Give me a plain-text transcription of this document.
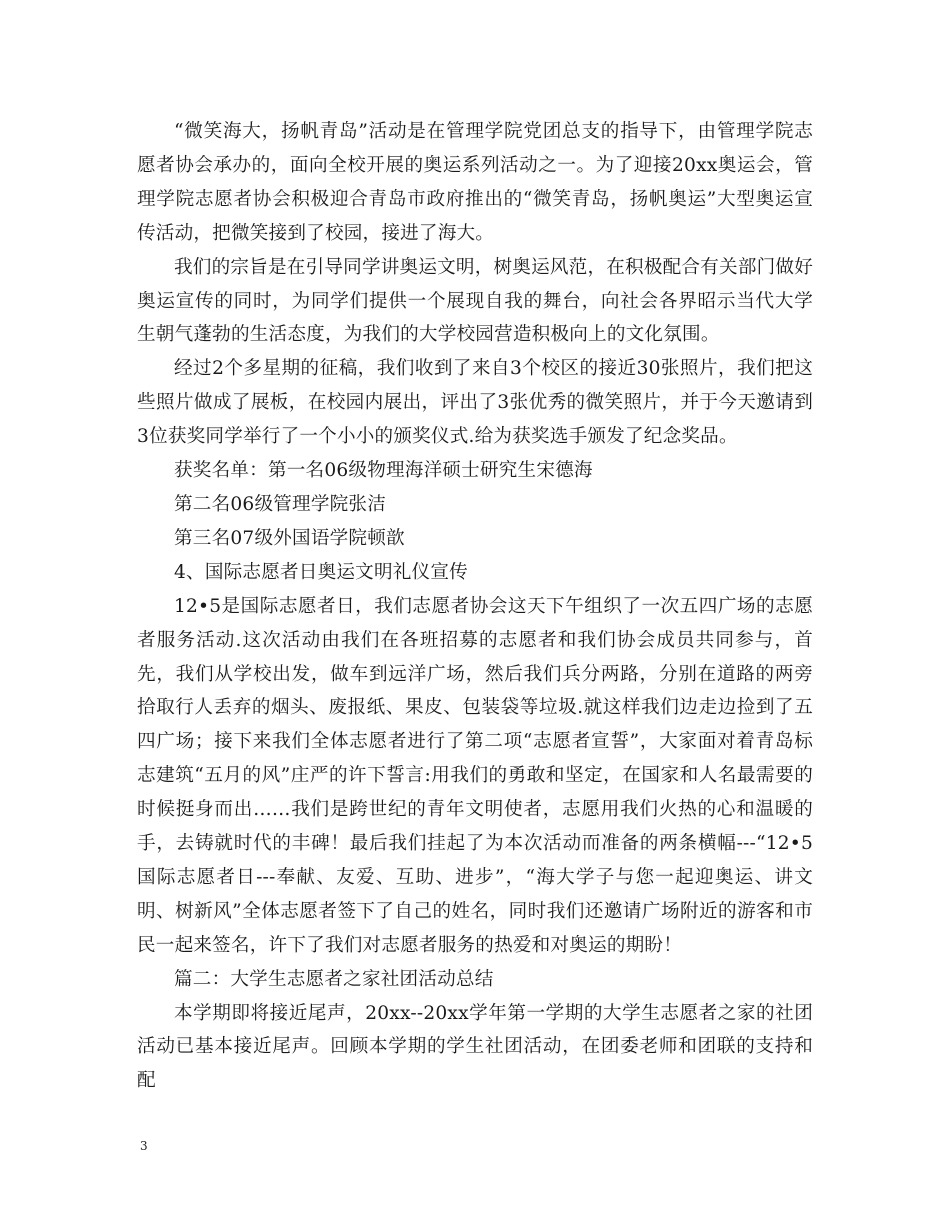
“微笑海大，扬帆青岛”活动是在管理学院党团总支的指导下，由管理学院志愿者协会承办的，面向全校开展的奥运系列活动之一。为了迎接20xx奥运会，管理学院志愿者协会积极迎合青岛市政府推出的“微笑青岛，扬帆奥运”大型奥运宣传活动，把微笑接到了校园，接进了海大。

我们的宗旨是在引导同学讲奥运文明，树奥运风范，在积极配合有关部门做好奥运宣传的同时，为同学们提供一个展现自我的舞台，向社会各界昭示当代大学生朝气蓬勃的生活态度，为我们的大学校园营造积极向上的文化氛围。

经过2个多星期的征稿，我们收到了来自3个校区的接近30张照片，我们把这些照片做成了展板，在校园内展出，评出了3张优秀的微笑照片，并于今天邀请到3位获奖同学举行了一个小小的颁奖仪式.给为获奖选手颁发了纪念奖品。

获奖名单：第一名06级物理海洋硕士研究生宋德海

第二名06级管理学院张洁

第三名07级外国语学院顿歆

4、国际志愿者日奥运文明礼仪宣传

12•5是国际志愿者日，我们志愿者协会这天下午组织了一次五四广场的志愿者服务活动.这次活动由我们在各班招募的志愿者和我们协会成员共同参与，首先，我们从学校出发，做车到远洋广场，然后我们兵分两路，分别在道路的两旁拾取行人丢弃的烟头、废报纸、果皮、包装袋等垃圾.就这样我们边走边捡到了五四广场；接下来我们全体志愿者进行了第二项“志愿者宣誓”，大家面对着青岛标志建筑“五月的风”庄严的许下誓言:用我们的勇敢和坚定，在国家和人名最需要的时候挺身而出……我们是跨世纪的青年文明使者，志愿用我们火热的心和温暖的手，去铸就时代的丰碑！最后我们挂起了为本次活动而准备的两条横幅---“12•5国际志愿者日---奉献、友爱、互助、进步”，“海大学子与您一起迎奥运、讲文明、树新风”全体志愿者签下了自己的姓名，同时我们还邀请广场附近的游客和市民一起来签名，许下了我们对志愿者服务的热爱和对奥运的期盼！

篇二：大学生志愿者之家社团活动总结

本学期即将接近尾声，20xx--20xx学年第一学期的大学生志愿者之家的社团活动已基本接近尾声。回顾本学期的学生社团活动，在团委老师和团联的支持和配

3
